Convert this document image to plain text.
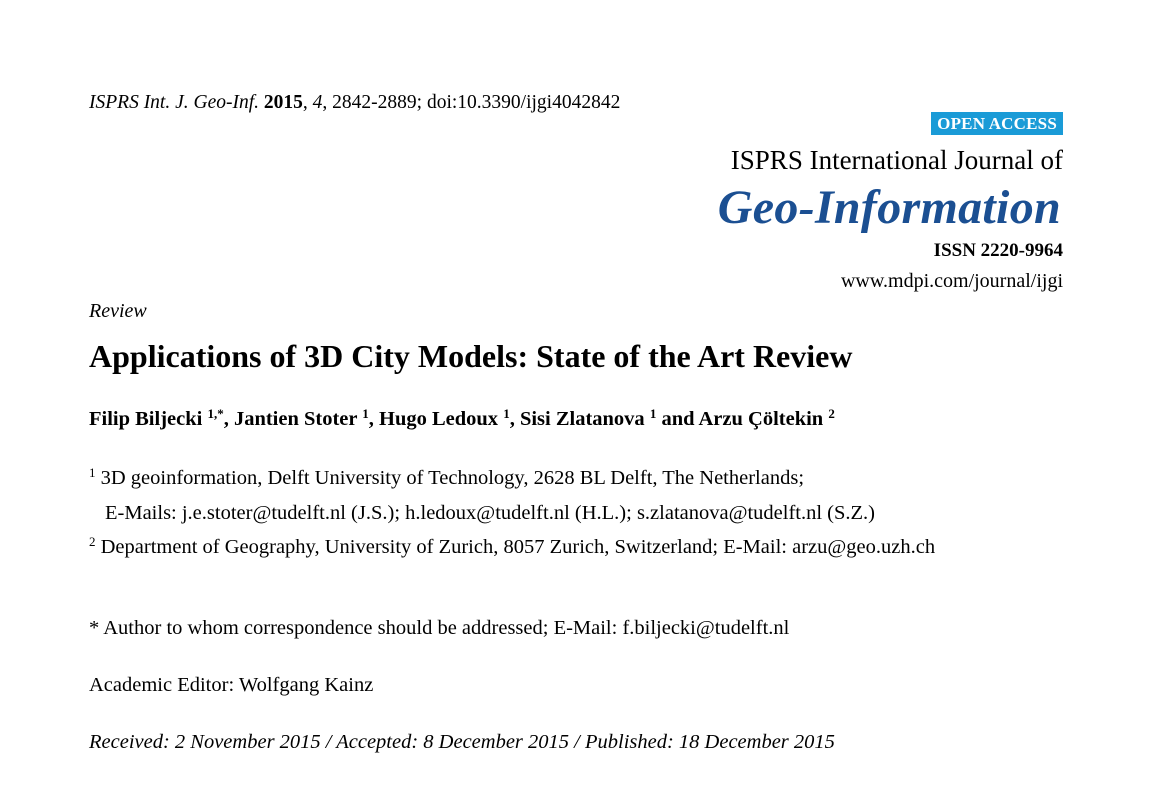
ISPRS Int. J. Geo-Inf. 2015, 4, 2842-2889; doi:10.3390/ijgi4042842
OPEN ACCESS
ISPRS International Journal of
Geo-Information
ISSN 2220-9964
www.mdpi.com/journal/ijgi
Review
Applications of 3D City Models: State of the Art Review
Filip Biljecki $^{1,*}$, Jantien Stoter $^1$, Hugo Ledoux $^1$, Sisi Zlatanova $^1$ and Arzu Çöltekin $^2$
$^1$ 3D geoinformation, Delft University of Technology, 2628 BL Delft, The Netherlands;
E-Mails: j.e.stoter@tudelft.nl (J.S.); h.ledoux@tudelft.nl (H.L.); s.zlatanova@tudelft.nl (S.Z.)
$^2$ Department of Geography, University of Zurich, 8057 Zurich, Switzerland; E-Mail: arzu@geo.uzh.ch
* Author to whom correspondence should be addressed; E-Mail: f.biljecki@tudelft.nl
Academic Editor: Wolfgang Kainz
Received: 2 November 2015 / Accepted: 8 December 2015 / Published: 18 December 2015
